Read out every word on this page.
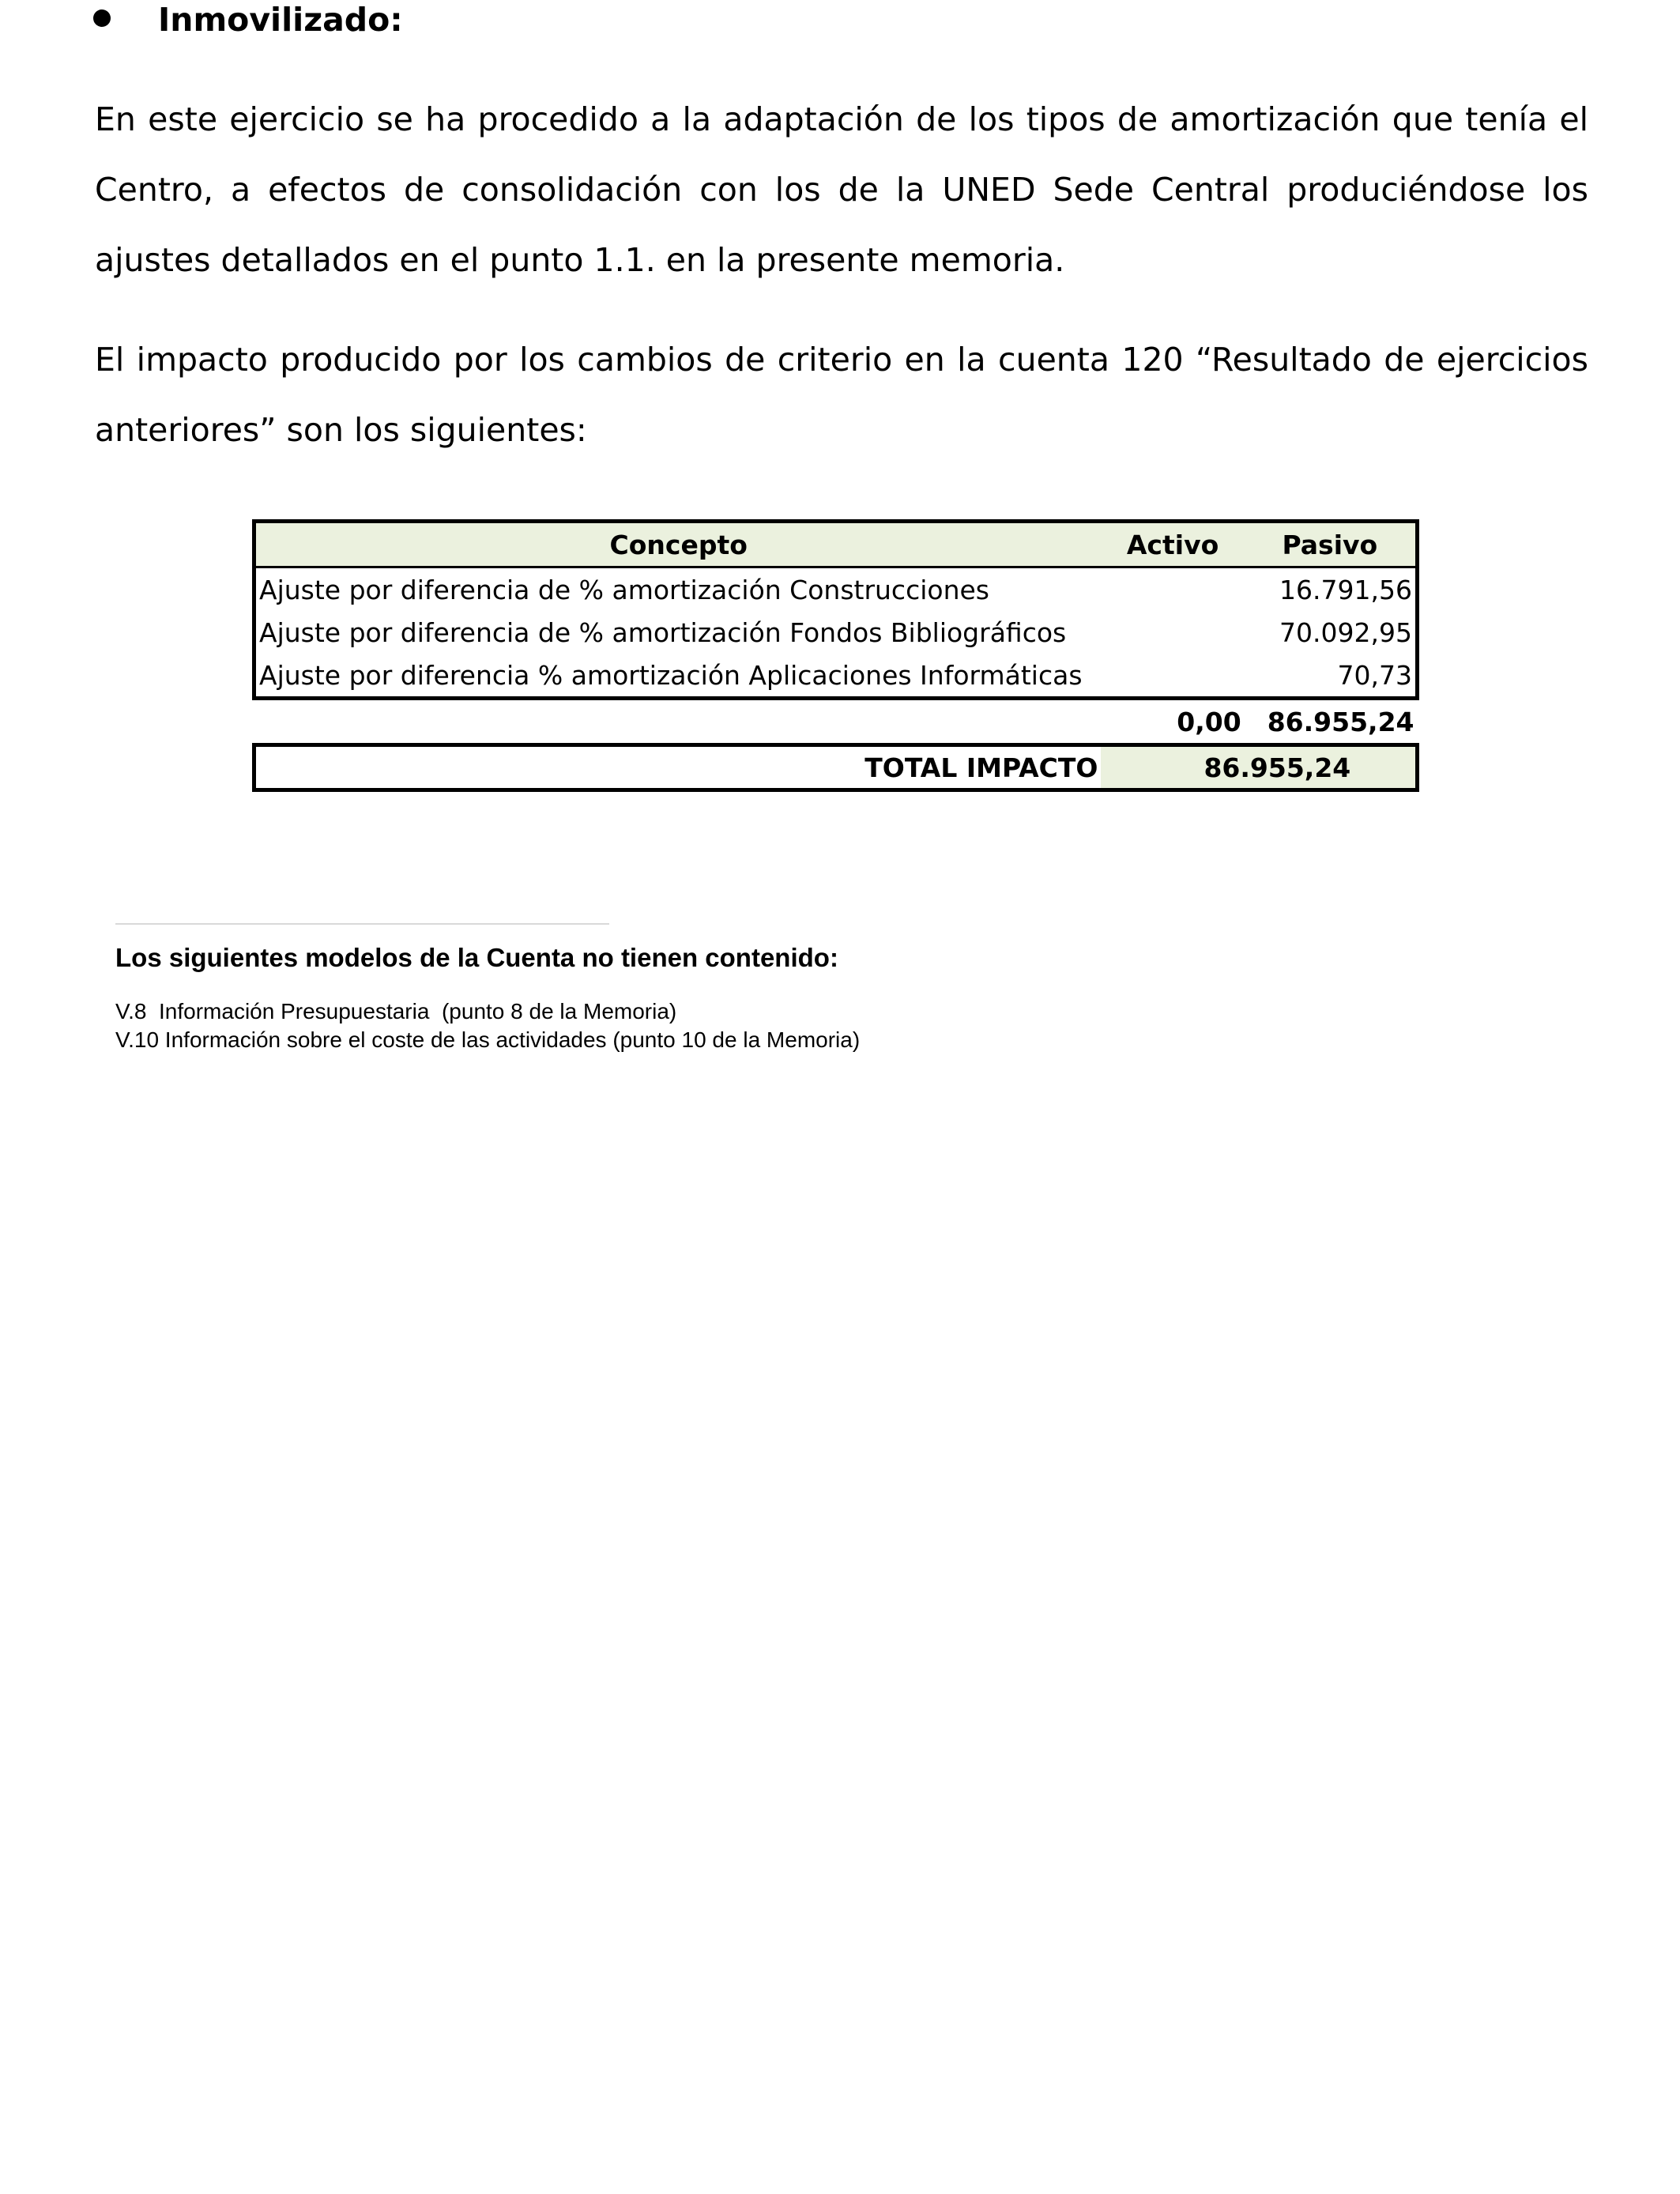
Inmovilizado:

En este ejercicio se ha procedido a la adaptación de los tipos de amortización que tenía el Centro, a efectos de consolidación con los de la UNED Sede Central produciéndose los ajustes detallados en el punto 1.1. en la presente memoria.

El impacto producido por los cambios de criterio en la cuenta 120 “Resultado de ejercicios anteriores” son los siguientes:

Concepto	Activo	Pasivo
Ajuste por diferencia de % amortización Construcciones		16.791,56
Ajuste por diferencia de % amortización Fondos Bibliográficos		70.092,95
Ajuste por diferencia % amortización Aplicaciones Informáticas		70,73
	0,00	86.955,24
TOTAL IMPACTO	86.955,24	
Los siguientes modelos de la Cuenta no tienen contenido:
V.8  Información Presupuestaria  (punto 8 de la Memoria)
V.10 Información sobre el coste de las actividades (punto 10 de la Memoria)
